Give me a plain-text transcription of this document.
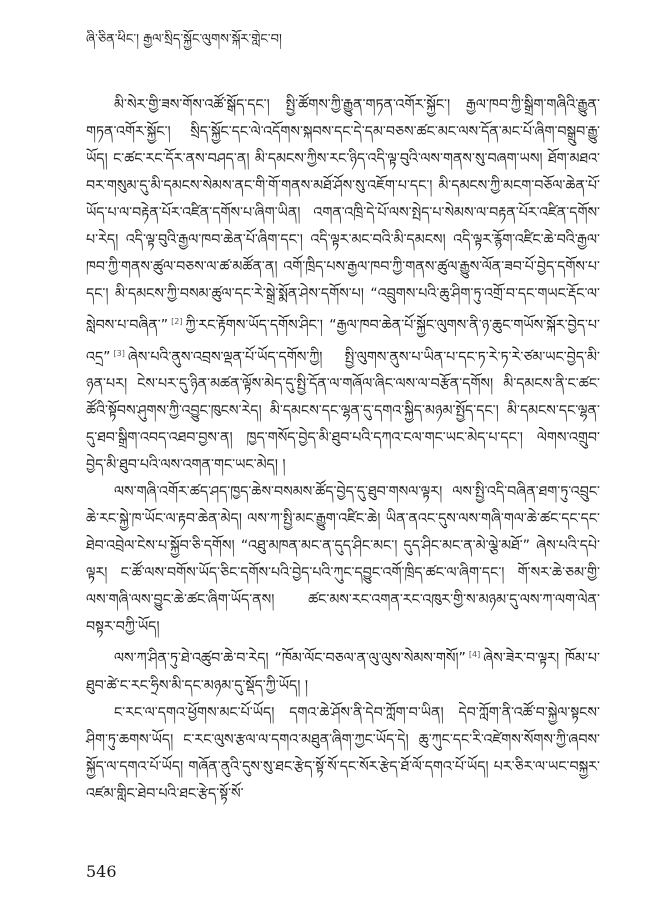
ཞི་ཅིན་ཕིང་། རྒྱལ་སྲིད་སྐྱོང་ལུགས་སྐོར་གླེང་བ།

མི་སེར་གྱི་ཟས་གོས་འཚོ་སྒོད་དང་། སྤྱི་ཚོགས་ཀྱི་རྒྱུན་གཏན་འགོར་སྐྱོང་། རྒྱལ་ཁབ་ཀྱི་སྒྲིག་གཞིའི་རྒྱུན་གཏན་འགོར་སྐྱོང་། སྲིད་སྐྱོང་དང་ལེ་འདོགས་སྐབས་དང་དེ་དམ་བཅས་ཚང་མང་ལས་དོན་མང་པོ་ཞིག་བསྒྲུབ་རྒྱུ་ཡོད། ང་ཚང་རང་དོར་ནས་བཤད་ན། མི་དམངས་ཀྱིས་རང་ཉིད་འདི་ལྟ་བུའི་ལས་གནས་སུ་བཞག་ཡས། ཐོག་མཐའ་བར་གསུམ་དུ་མི་དམངས་སེམས་ནང་གི་གོ་གནས་མཐོ་ཤོས་སུ་འཇོག་པ་དང་། མི་དམངས་ཀྱི་མངག་བཅོལ་ཆེན་པོ་ཡོད་པ་ལ་བརྟེན་པོར་འཛིན་དགོས་པ་ཞིག་ཡིན། འགན་འཁྲི་དེ་པོ་ལས་སྤེད་པ་སེམས་ལ་བརྟན་པོར་འཛིན་དགོས་པ་རེད། འདི་ལྟ་བུའི་རྒྱལ་ཁབ་ཆེན་པོ་ཞིག་དང་། འདི་ལྟར་མང་བའི་མི་དམངས། འདི་ལྟར་རྙོག་འཛིང་ཆེ་བའི་རྒྱལ་ཁབ་ཀྱི་གནས་ཚུལ་བཅས་ལ་ཚ་མཚོན་ན། འགོ་ཁྲིད་པས་རྒྱལ་ཁབ་ཀྱི་གནས་ཚུལ་རྒྱུས་ལོན་ཟབ་པོ་བྱེད་དགོས་པ་དང་། མི་དམངས་ཀྱི་བསམ་ཚུལ་དང་རེ་སྒྲེ་སྨོན་ཤེས་དགོས་པ། “འབྲུགས་པའི་ཆུ་ཤིག་ཏུ་འགྲོ་བ་དང་གཡང་རྡོང་ལ་སླེབས་པ་བཞིན་” [2] ཀྱི་རང་རྟོགས་ཡོད་དགོས་ཤིང་། “རྒྱལ་ཁབ་ཆེན་པོ་སྐྱོང་ལུགས་ནི་ཉ་ཆུང་གཡོས་སྐོར་བྱེད་པ་འདྲ” [3] ཞེས་པའི་ནུས་འབྲས་ལྡན་པོ་ཡོད་དགོས་ཀྱི། སྤྱི་ལུགས་ནུས་པ་ཡིན་པ་དང་ཏ་རེ་ཏ་རེ་ཙམ་ཡང་བྱེད་མི་ཉན་པར། ངེས་པར་དུ་ཉིན་མཚན་ལྟོས་མེད་དུ་སྤྱི་དོན་ལ་གཞོལ་ཞིང་ལས་ལ་བརྩོན་དགོས། མི་དམངས་ནི་ང་ཚང་ཚོའི་སྟོབས་ཤུགས་ཀྱི་འབྱུང་ཁུངས་རེད། མི་དམངས་དང་ལྷན་དུ་དགའ་སྐྱིད་མཉམ་སྤྱོད་དང་། མི་དམངས་དང་ལྷན་དུ་ཐབ་སྒྲིག་འབད་འཐབ་བྱས་ན། ཁྱད་གསོད་བྱེད་མི་ཐུབ་པའི་དཀའ་ངལ་གང་ཡང་མེད་པ་དང་། ལེགས་འགྲུབ་བྱེད་མི་ཐུབ་པའི་ལས་འགན་གང་ཡང་མེད། །

ལས་གཞི་འགོར་ཚད་ཤད་ཁྱད་ཆེས་བསམས་ཚོད་བྱེད་དུ་ཐུབ་གསལ་ལྟར། ལས་སྤྱི་འདི་བཞིན་ཐག་ཏུ་འབྲུང་ཆེ་རང་སྐྱེ་ཁ་ཡོང་ལ་རྟབ་ཆེན་མེད། ལས་ཀ་སྤྱི་མང་རྒྱུག་འཛིང་ཆེ། ཡིན་ནའང་དུས་ལས་གཞི་གལ་ཆེ་ཚང་དང་དང་ཐེབ་འབྲེལ་ངེས་པ་སྐྱོབ་ཅི་དགོས། “འཐུ་མཁན་མང་ན་དུད་ཤིང་མང་། དུད་ཤིང་མང་ན་མེ་ལྕེ་མཐོ་” ཞེས་པའི་དཔེ་ལྟར། ང་ཚོ་ལས་བགོས་ཡོད་ཅིང་དགོས་པའི་བྱེད་པའི་ཀུང་དབྱུང་འགོ་ཁྲིད་ཚང་ལ་ཞིག་དང་། གོ་སར་ཆེ་ཅམ་གྱི་ལས་གཞི་ལས་བྱུང་ཆེ་ཚང་ཞིག་ཡོད་ནས། ཚང་མས་རང་འགན་རང་འཁུར་གྱི་ས་མཉམ་དུ་ལས་ཀ་ལག་ལེན་བསྟར་བཀྱི་ཡོད།

ལས་ཀ་ཤིན་ཏུ་ཐེ་འཚུབ་ཆེ་བ་རེད། “ཁོམ་ལོང་བཅལ་ན་ལུ་ལུས་སེམས་གསོ།” [4] ཞེས་ཟེར་བ་ལྟར། ཁོམ་པ་ཐུབ་ཚེ་ང་རང་ཧྲིས་མི་དང་མཉམ་དུ་སྡོད་ཀྱི་ཡོད། །

ང་རང་ལ་དགའ་ཕྱོགས་མང་པོ་ཡོད། དགའ་ཆེ་ཤོས་ནི་དེབ་ཀློག་བ་ཡིན། དེབ་ཀློག་ནི་འཚོ་བ་སྐྱེལ་སྟངས་ཤིག་ཏུ་ཆགས་ཡོད། ང་རང་ལུས་རྩལ་ལ་དགའ་མཐུན་ཞིག་ཀྱང་ཡོད་དེ། ཆུ་ཀུང་དང་རི་འཛེགས་སོགས་ཀྱི་ཞབས་སྐྱོད་ལ་དགའ་པོ་ཡོད། གཞོན་ནུའི་དུས་སུ་ཐང་རྩེད་སྟོ་སོ་དང་སོར་རྩེད་ཐོ་ལོ་དགའ་པོ་ཡོད། པར་ཅིར་ལ་ཡང་བསྐྱར་འཛམ་གླིང་ཐེབ་པའི་ཐང་རྩེད་སྟོ་སོ་

546
